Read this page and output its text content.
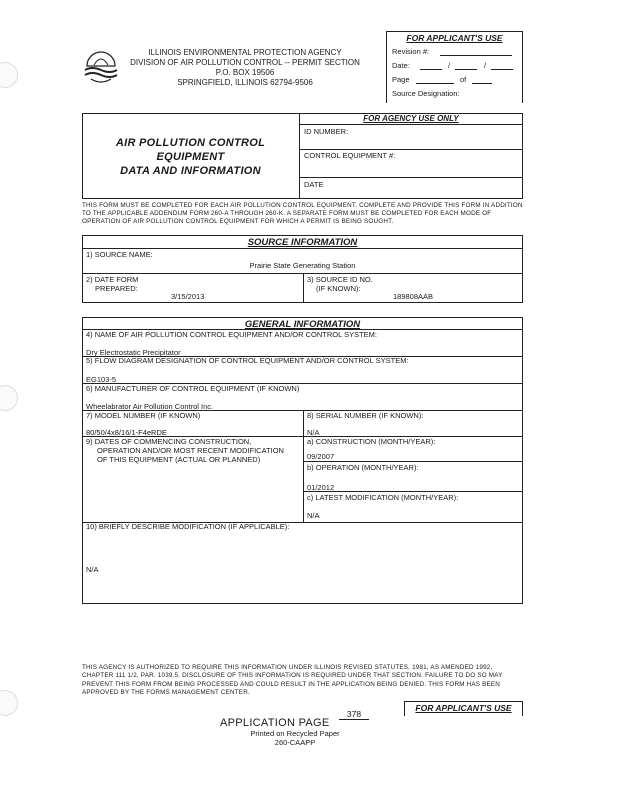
ILLINOIS ENVIRONMENTAL PROTECTION AGENCY
DIVISION OF AIR POLLUTION CONTROL -- PERMIT SECTION
P.O. BOX 19506
SPRINGFIELD, ILLINOIS 62794-9506
FOR APPLICANT'S USE
Revision #:
Date:	/	/
Page	of
Source Designation:
AIR POLLUTION CONTROL
EQUIPMENT
DATA AND INFORMATION
FOR AGENCY USE ONLY
ID NUMBER:
CONTROL EQUIPMENT #:
DATE
THIS FORM MUST BE COMPLETED FOR EACH AIR POLLUTION CONTROL EQUIPMENT. COMPLETE AND PROVIDE THIS FORM IN ADDITION
TO THE APPLICABLE ADDENDUM FORM 260-A THROUGH 260-K. A SEPARATE FORM MUST BE COMPLETED FOR EACH MODE OF
OPERATION OF AIR POLLUTION CONTROL EQUIPMENT FOR WHICH A PERMIT IS BEING SOUGHT.
SOURCE INFORMATION
1) SOURCE NAME:
Prairie State Generating Station
2) DATE FORM
PREPARED:
3/15/2013
3) SOURCE ID NO.
(IF KNOWN):
189808AAB
GENERAL INFORMATION
4) NAME OF AIR POLLUTION CONTROL EQUIPMENT AND/OR CONTROL SYSTEM:
Dry Electrostatic Precipitator
5) FLOW DIAGRAM DESIGNATION OF CONTROL EQUIPMENT AND/OR CONTROL SYSTEM:
EG103-5
6) MANUFACTURER OF CONTROL EQUIPMENT (IF KNOWN)
Wheelabrator Air Pollution Control Inc.
7) MODEL NUMBER (IF KNOWN)
80/50/4x8/16/1-F4eRDE
8) SERIAL NUMBER (IF KNOWN):
N/A
9) DATES OF COMMENCING CONSTRUCTION,
OPERATION AND/OR MOST RECENT MODIFICATION
OF THIS EQUIPMENT (ACTUAL OR PLANNED)
a) CONSTRUCTION (MONTH/YEAR):
09/2007
b) OPERATION (MONTH/YEAR):
01/2012
c) LATEST MODIFICATION (MONTH/YEAR):
N/A
10) BRIEFLY DESCRIBE MODIFICATION (IF APPLICABLE):
N/A
THIS AGENCY IS AUTHORIZED TO REQUIRE THIS INFORMATION UNDER ILLINOIS REVISED STATUTES, 1981, AS AMENDED 1992,
CHAPTER 111 1/2, PAR. 1039.5. DISCLOSURE OF THIS INFORMATION IS REQUIRED UNDER THAT SECTION. FAILURE TO DO SO MAY
PREVENT THIS FORM FROM BEING PROCESSED AND COULD RESULT IN THE APPLICATION BEING DENIED. THIS FORM HAS BEEN
APPROVED BY THE FORMS MANAGEMENT CENTER.
APPLICATION PAGE
378
Printed on Recycled Paper
260-CAAPP
FOR APPLICANT'S USE
